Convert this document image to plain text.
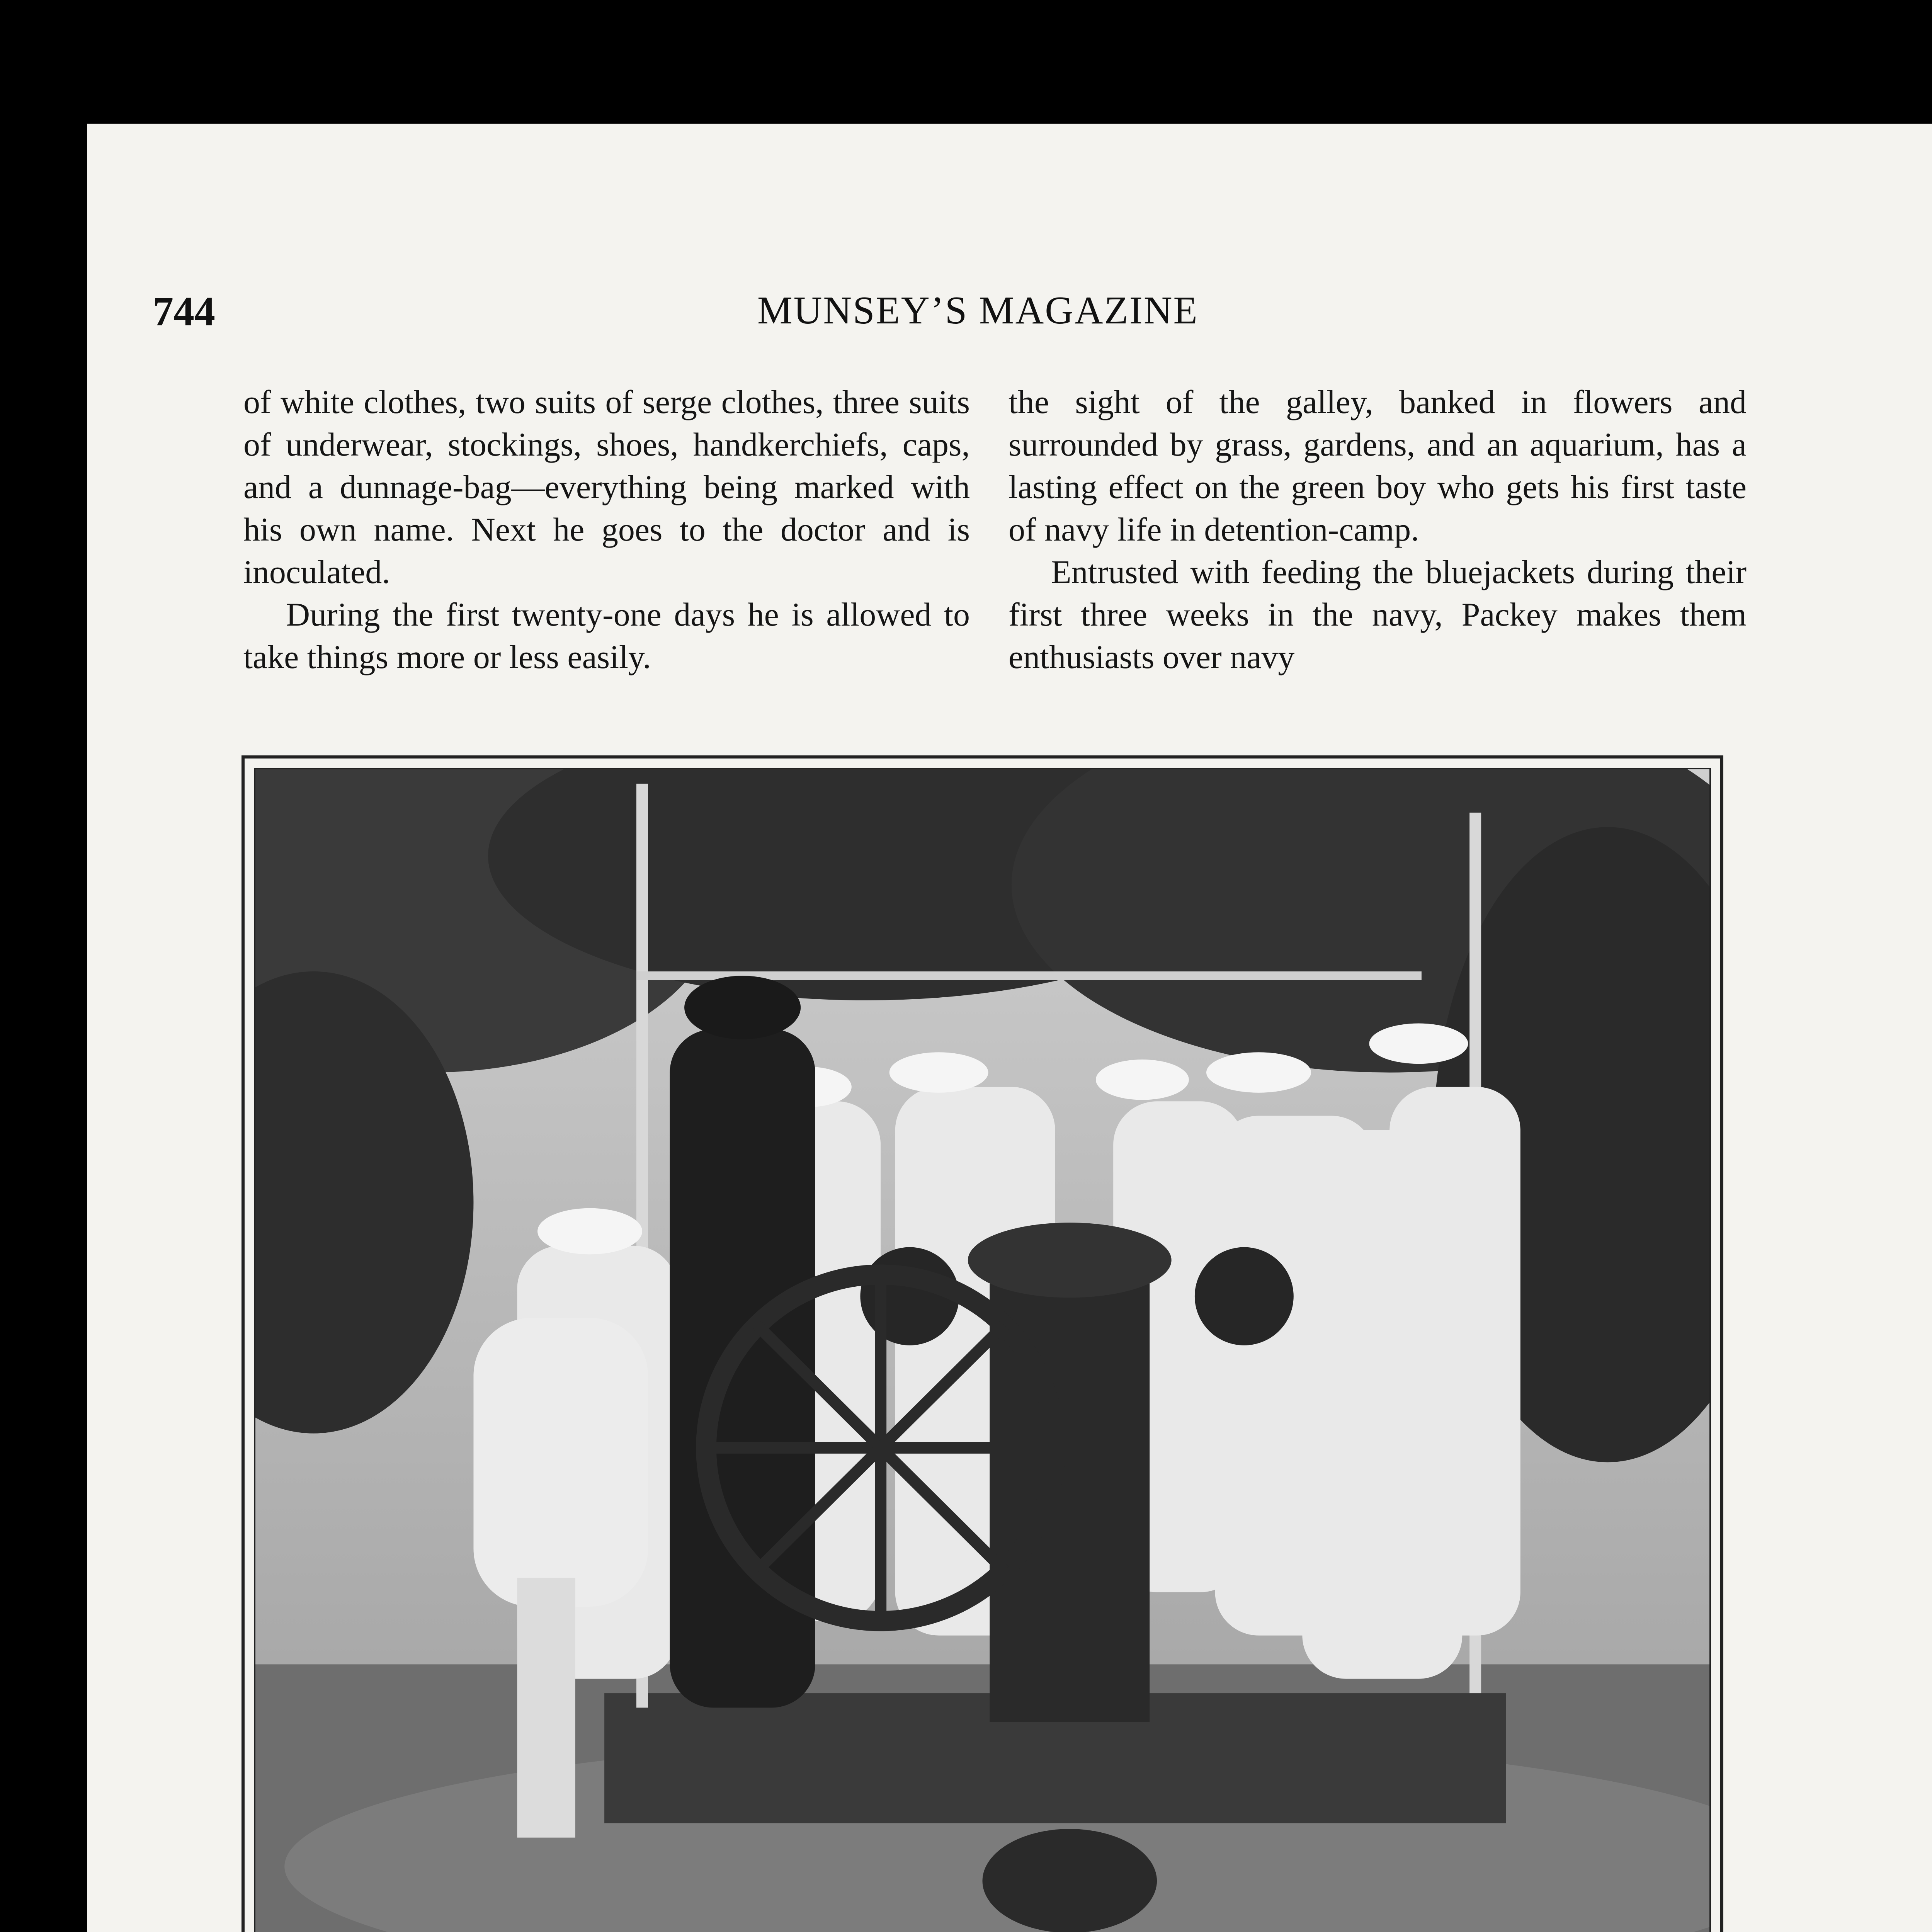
744	MUNSEY’S MAGAZINE

of white clothes, two suits of serge clothes, three suits of underwear, stockings, shoes, handkerchiefs, caps, and a dunnage-bag—everything being marked with his own name. Next he goes to the doctor and is inoculated.

During the first twenty-one days he is allowed to take things more or less easily.

the sight of the galley, banked in flowers and surrounded by grass, gardens, and an aquarium, has a lasting effect on the green boy who gets his first taste of navy life in detention-camp.

Entrusted with feeding the bluejackets during their first three weeks in the navy, Packey makes them enthusiasts over navy
